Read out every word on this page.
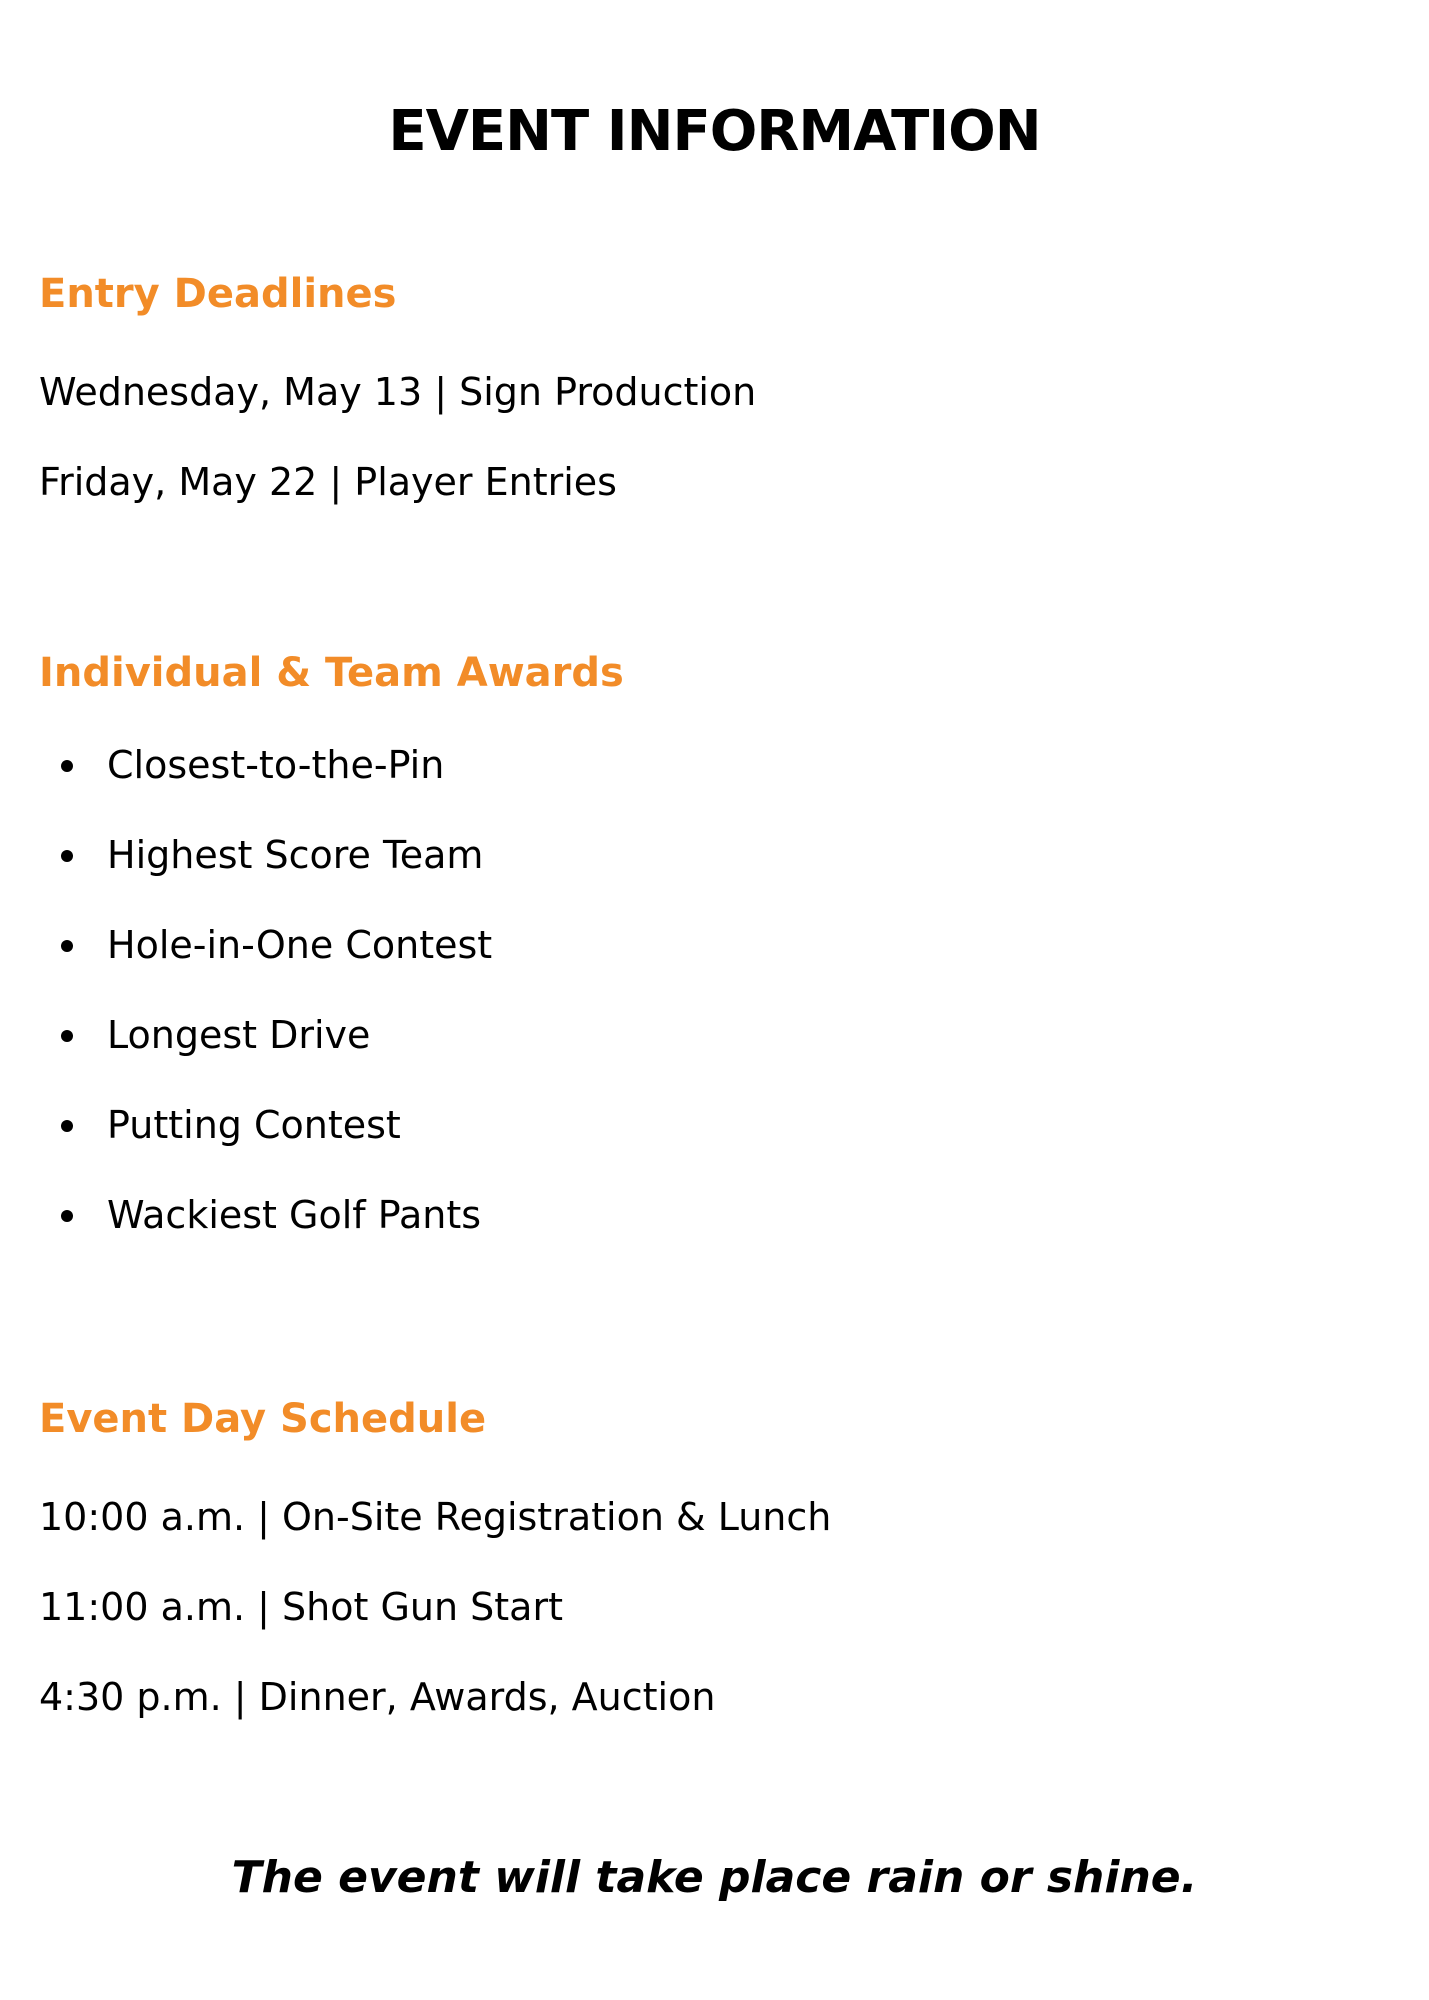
EVENT INFORMATION
Entry Deadlines

Wednesday, May 13 | Sign Production

Friday, May 22 | Player Entries

Individual & Team Awards
Closest-to-the-Pin
Highest Score Team
Hole-in-One Contest
Longest Drive
Putting Contest
Wackiest Golf Pants
Event Day Schedule

10:00 a.m. | On-Site Registration & Lunch

11:00 a.m. | Shot Gun Start

4:30 p.m. | Dinner, Awards, Auction

The event will take place rain or shine.
